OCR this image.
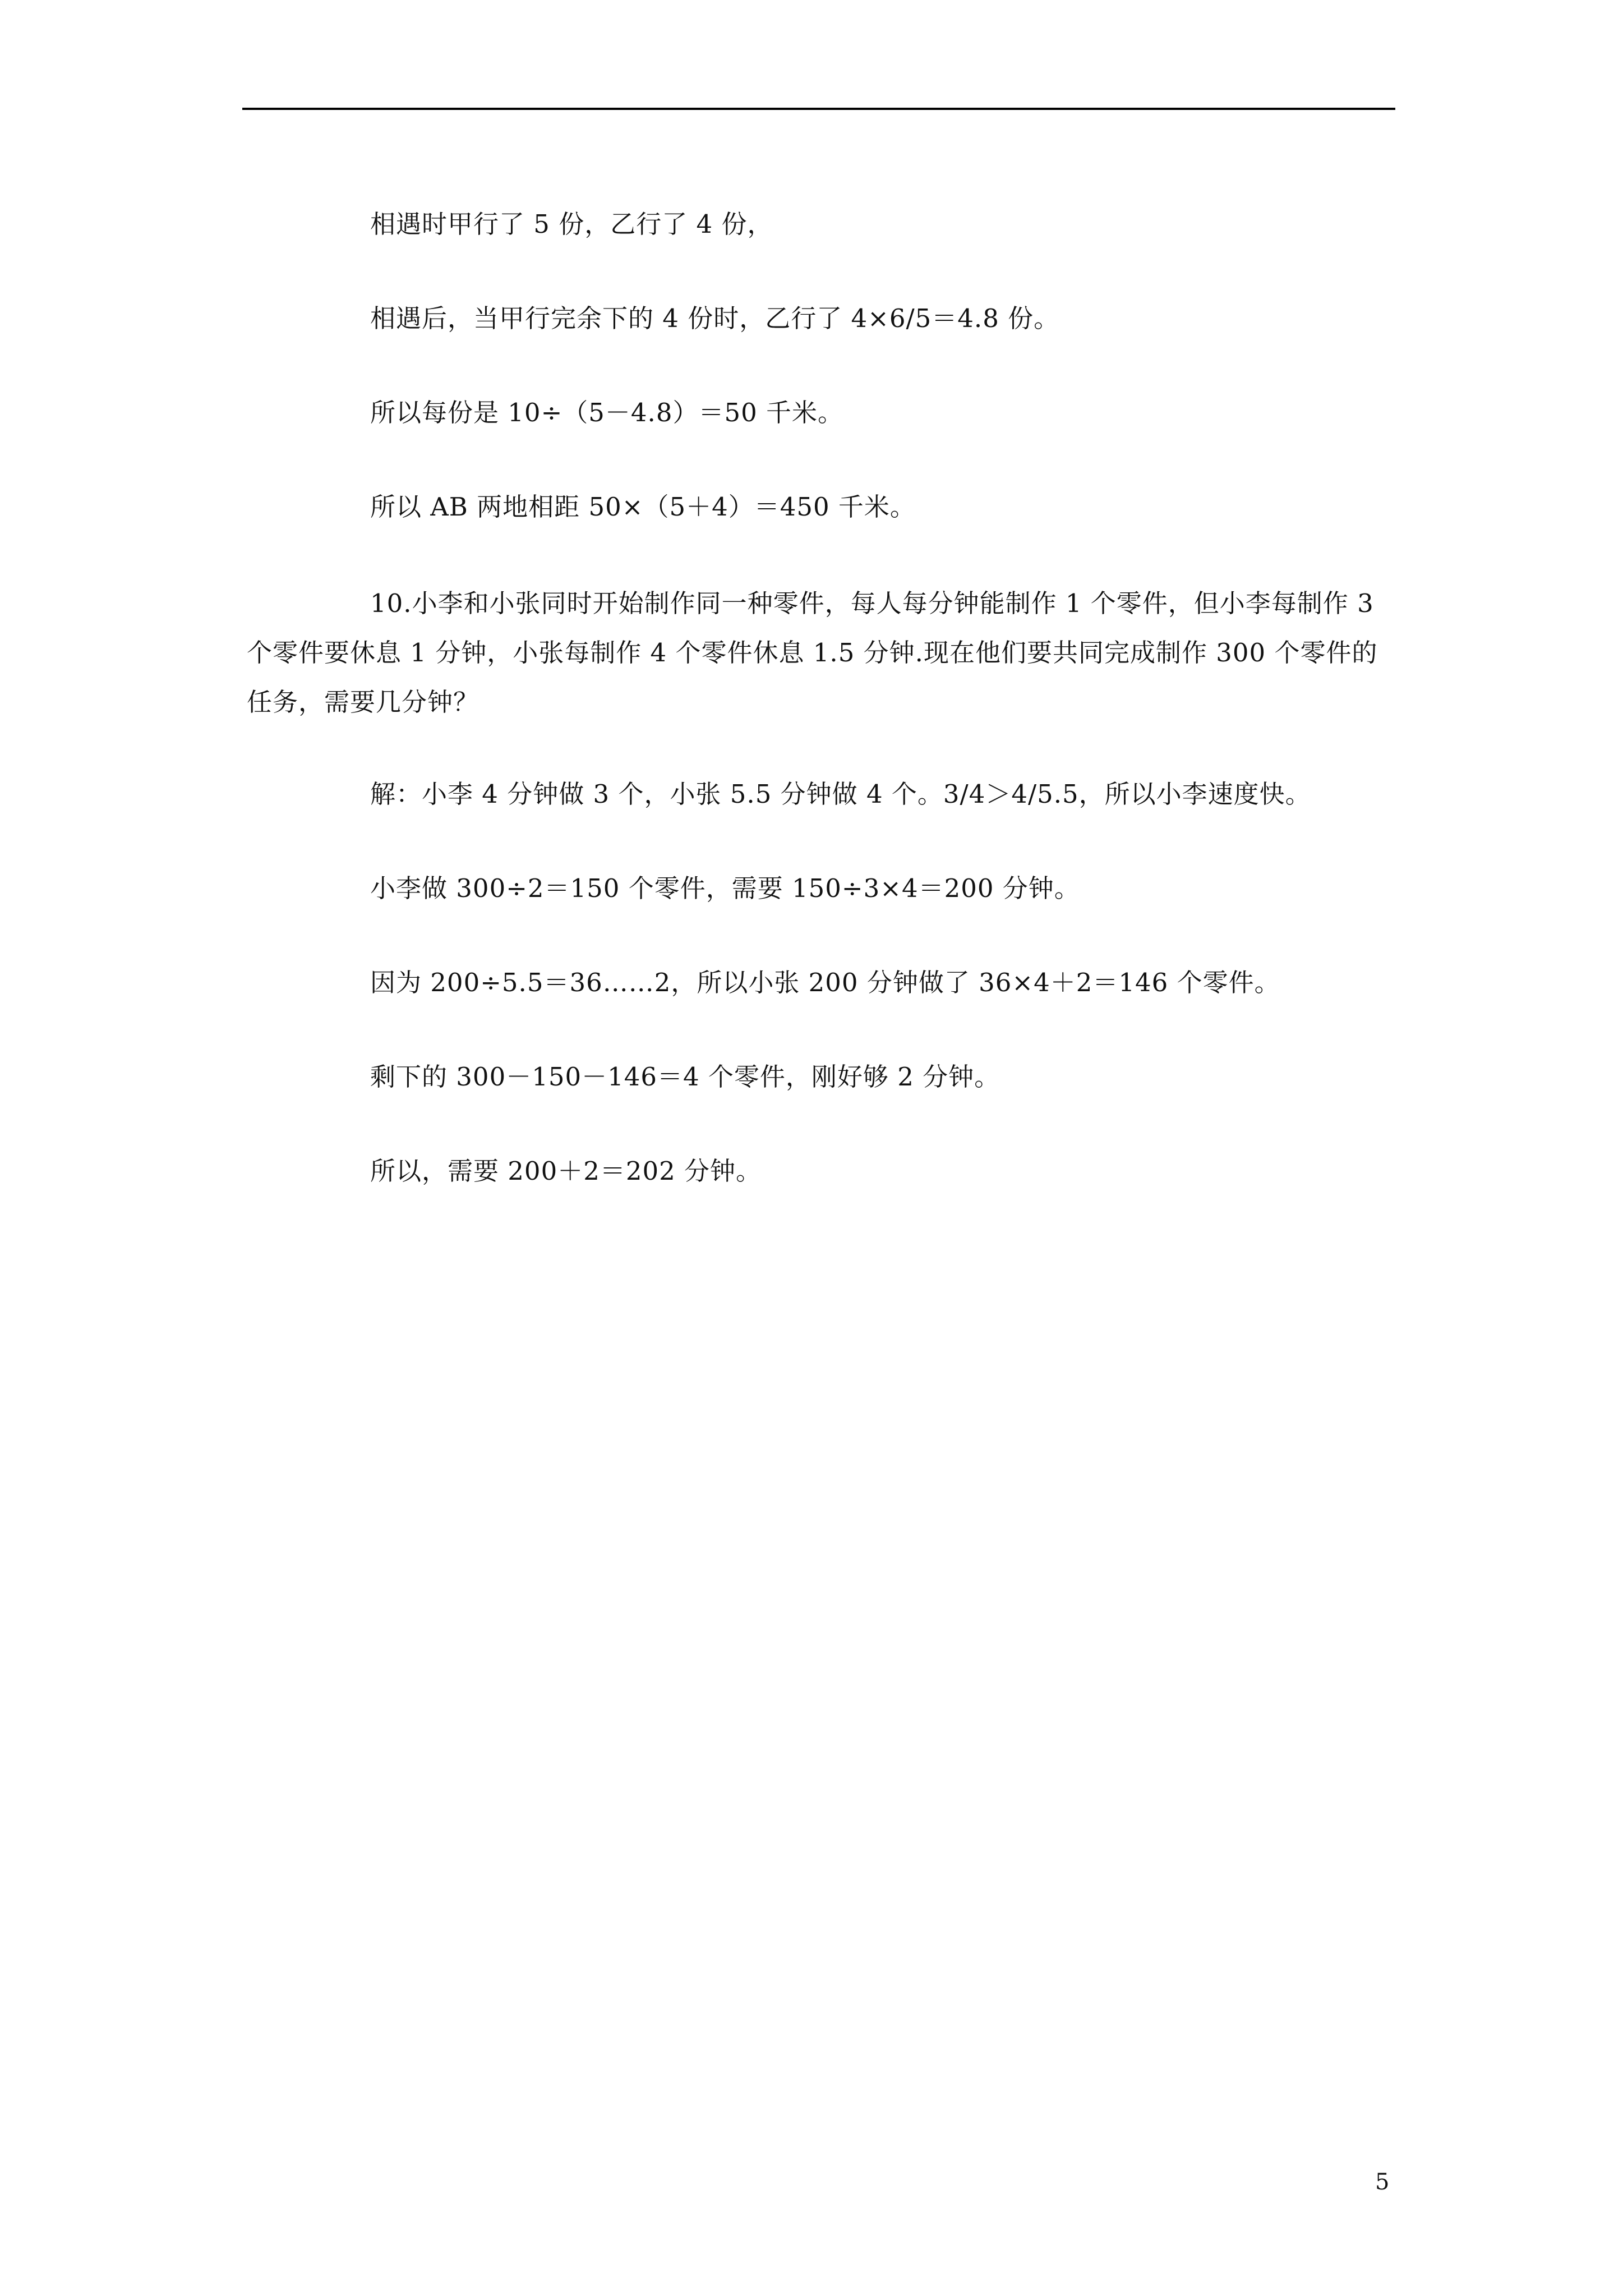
相遇时甲行了 5 份，乙行了 4 份，

相遇后，当甲行完余下的 4 份时，乙行了 4×6/5＝4.8 份。

所以每份是 10÷（5－4.8）＝50 千米。

所以 AB 两地相距 50×（5＋4）＝450 千米。

10.小李和小张同时开始制作同一种零件，每人每分钟能制作 1 个零件，但小李每制作 3 个零件要休息 1 分钟，小张每制作 4 个零件休息 1.5 分钟.现在他们要共同完成制作 300 个零件的任务，需要几分钟？

解：小李 4 分钟做 3 个，小张 5.5 分钟做 4 个。3/4＞4/5.5，所以小李速度快。

小李做 300÷2＝150 个零件，需要 150÷3×4＝200 分钟。

因为 200÷5.5＝36……2，所以小张 200 分钟做了 36×4＋2＝146 个零件。

剩下的 300－150－146＝4 个零件，刚好够 2 分钟。

所以，需要 200＋2＝202 分钟。

5
